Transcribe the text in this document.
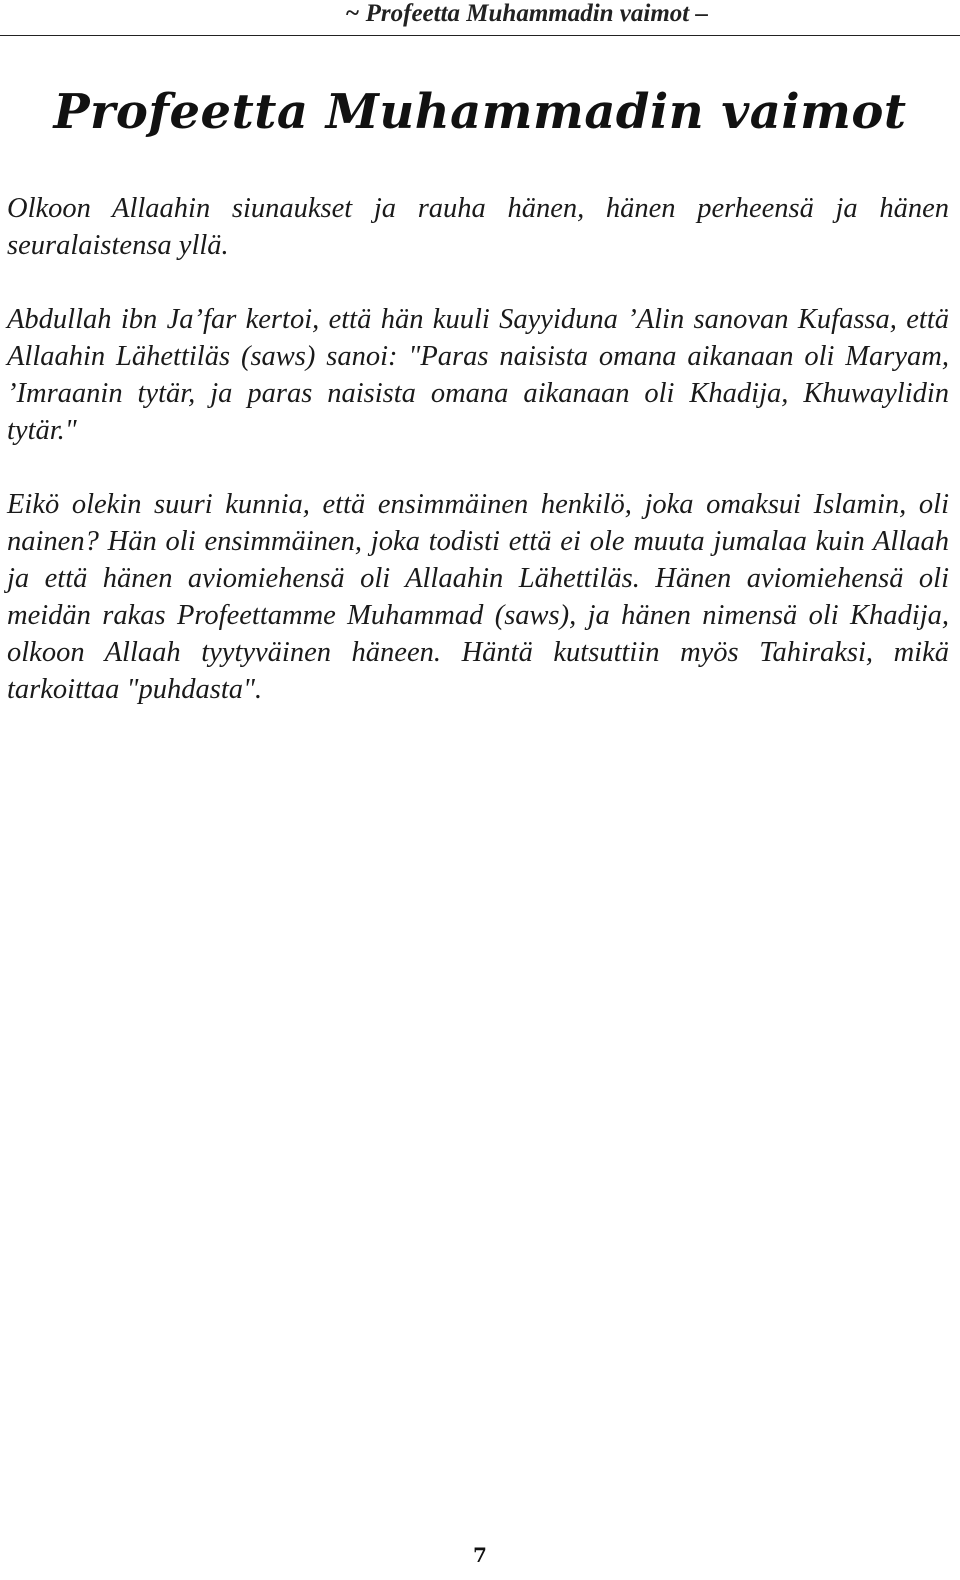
~ Profeetta Muhammadin vaimot –
Profeetta Muhammadin vaimot

Olkoon Allaahin siunaukset ja rauha hänen, hänen perheensä ja hänen seuralaistensa yllä.

Abdullah ibn Ja’far kertoi, että hän kuuli Sayyiduna ’Alin sanovan Kufassa, että Allaahin Lähettiläs (saws) sanoi: "Paras naisista omana aikanaan oli Maryam, ’Imraanin tytär, ja paras naisista omana aikanaan oli Khadija, Khuwaylidin tytär."

Eikö olekin suuri kunnia, että ensimmäinen henkilö, joka omaksui Islamin, oli nainen? Hän oli ensimmäinen, joka todisti että ei ole muuta jumalaa kuin Allaah ja että hänen aviomiehensä oli Allaahin Lähettiläs. Hänen aviomiehensä oli meidän rakas Profeettamme Muhammad (saws), ja hänen nimensä oli Khadija, olkoon Allaah tyytyväinen häneen. Häntä kutsuttiin myös Tahiraksi, mikä tarkoittaa "puhdasta".

7
